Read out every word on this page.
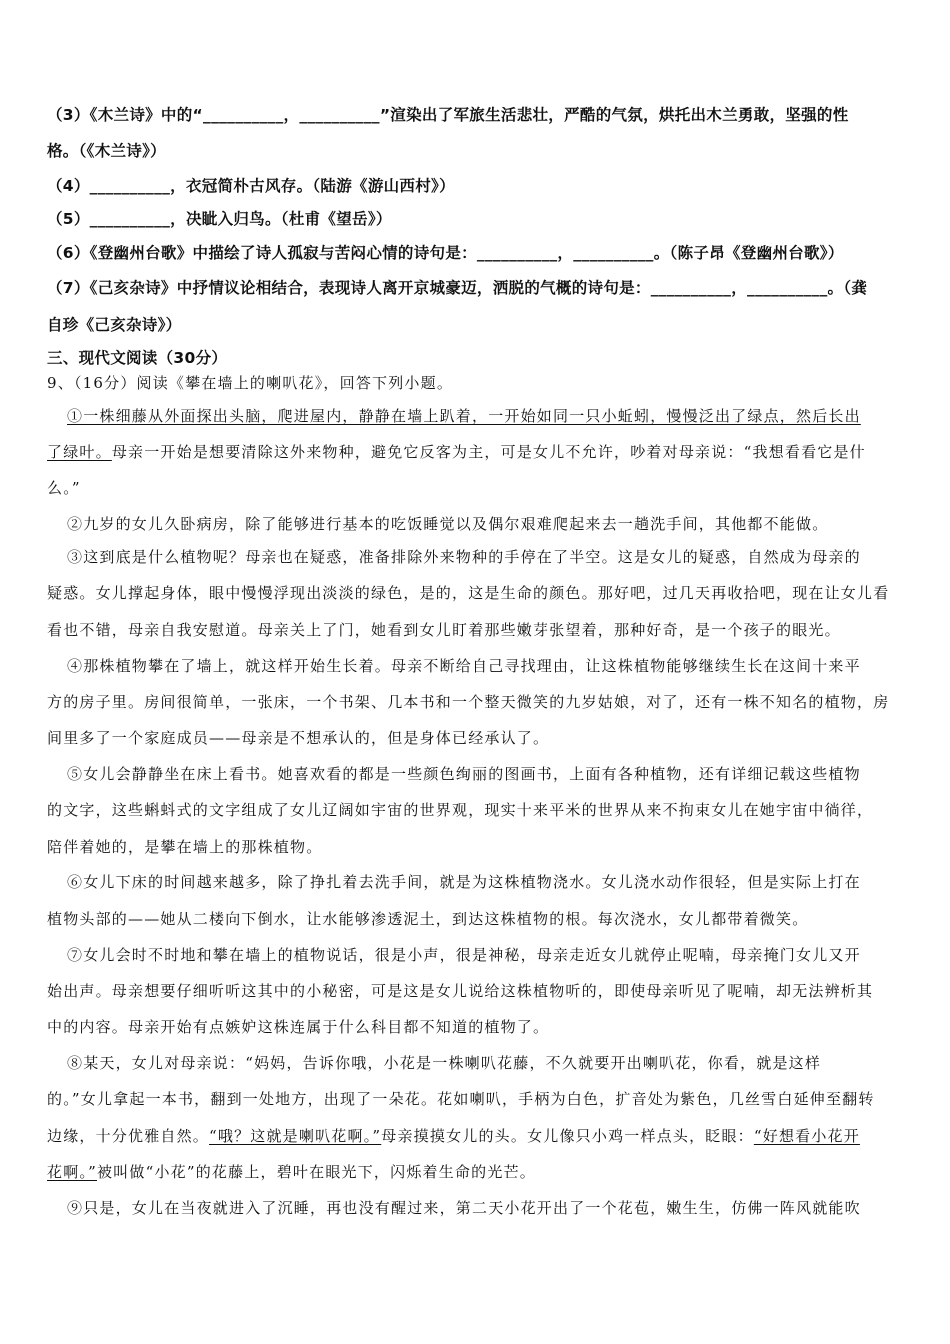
（3）《木兰诗》中的“__________，__________”渲染出了军旅生活悲壮，严酷的气氛，烘托出木兰勇敢，坚强的性
格。（《木兰诗》）
（4）__________，衣冠简朴古风存。（陆游《游山西村》）
（5）__________，决眦入归鸟。（杜甫《望岳》）
（6）《登幽州台歌》中描绘了诗人孤寂与苦闷心情的诗句是：__________，__________。（陈子昂《登幽州台歌》）
（7）《己亥杂诗》中抒情议论相结合，表现诗人离开京城豪迈，洒脱的气概的诗句是：__________，__________。（龚
自珍《己亥杂诗》）
三、现代文阅读（30分）
9、（16分）阅读《攀在墙上的喇叭花》，回答下列小题。
①一株细藤从外面探出头脑，爬进屋内，静静在墙上趴着，一开始如同一只小蚯蚓，慢慢泛出了绿点，然后长出
了绿叶。母亲一开始是想要清除这外来物种，避免它反客为主，可是女儿不允许，吵着对母亲说：“我想看看它是什
么。”
②九岁的女儿久卧病房，除了能够进行基本的吃饭睡觉以及偶尔艰难爬起来去一趟洗手间，其他都不能做。
③这到底是什么植物呢？母亲也在疑惑，准备排除外来物种的手停在了半空。这是女儿的疑惑，自然成为母亲的
疑惑。女儿撑起身体，眼中慢慢浮现出淡淡的绿色，是的，这是生命的颜色。那好吧，过几天再收拾吧，现在让女儿看
看也不错，母亲自我安慰道。母亲关上了门，她看到女儿盯着那些嫩芽张望着，那种好奇，是一个孩子的眼光。
④那株植物攀在了墙上，就这样开始生长着。母亲不断给自己寻找理由，让这株植物能够继续生长在这间十来平
方的房子里。房间很简单，一张床，一个书架、几本书和一个整天微笑的九岁姑娘，对了，还有一株不知名的植物，房
间里多了一个家庭成员——母亲是不想承认的，但是身体已经承认了。
⑤女儿会静静坐在床上看书。她喜欢看的都是一些颜色绚丽的图画书，上面有各种植物，还有详细记载这些植物
的文字，这些蝌蚪式的文字组成了女儿辽阔如宇宙的世界观，现实十来平米的世界从来不拘束女儿在她宇宙中徜徉，
陪伴着她的，是攀在墙上的那株植物。
⑥女儿下床的时间越来越多，除了挣扎着去洗手间，就是为这株植物浇水。女儿浇水动作很轻，但是实际上打在
植物头部的——她从二楼向下倒水，让水能够渗透泥土，到达这株植物的根。每次浇水，女儿都带着微笑。
⑦女儿会时不时地和攀在墙上的植物说话，很是小声，很是神秘，母亲走近女儿就停止呢喃，母亲掩门女儿又开
始出声。母亲想要仔细听听这其中的小秘密，可是这是女儿说给这株植物听的，即使母亲听见了呢喃，却无法辨析其
中的内容。母亲开始有点嫉妒这株连属于什么科目都不知道的植物了。
⑧某天，女儿对母亲说：“妈妈，告诉你哦，小花是一株喇叭花藤，不久就要开出喇叭花，你看，就是这样
的。”女儿拿起一本书，翻到一处地方，出现了一朵花。花如喇叭，手柄为白色，扩音处为紫色，几丝雪白延伸至翻转
边缘，十分优雅自然。“哦？这就是喇叭花啊。”母亲摸摸女儿的头。女儿像只小鸡一样点头，眨眼：“好想看小花开
花啊。”被叫做“小花”的花藤上，碧叶在眼光下，闪烁着生命的光芒。
⑨只是，女儿在当夜就进入了沉睡，再也没有醒过来，第二天小花开出了一个花苞，嫩生生，仿佛一阵风就能吹
